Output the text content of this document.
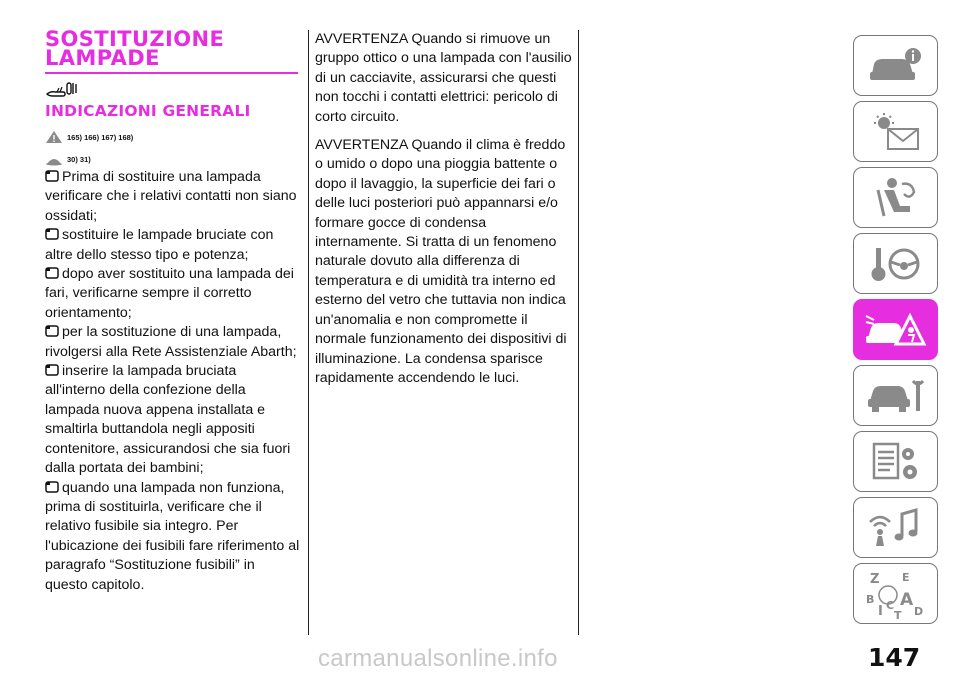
SOSTITUZIONE
LAMPADE
INDICAZIONI GENERALI
165) 166) 167) 168)
30) 31)

Prima di sostituire una lampada verificare che i relativi contatti non siano ossidati;

sostituire le lampade bruciate con altre dello stesso tipo e potenza;

dopo aver sostituito una lampada dei fari, verificarne sempre il corretto orientamento;

per la sostituzione di una lampada, rivolgersi alla Rete Assistenziale Abarth;

inserire la lampada bruciata all'interno della confezione della lampada nuova appena installata e smaltirla buttandola negli appositi contenitore, assicurandosi che sia fuori dalla portata dei bambini;

quando una lampada non funziona, prima di sostituirla, verificare che il relativo fusibile sia integro. Per l'ubicazione dei fusibili fare riferimento al paragrafo “Sostituzione fusibili” in questo capitolo.

AVVERTENZA Quando si rimuove un gruppo ottico o una lampada con l'ausilio di un cacciavite, assicurarsi che questi non tocchi i contatti elettrici: pericolo di corto circuito.

AVVERTENZA Quando il clima è freddo o umido o dopo una pioggia battente o dopo il lavaggio, la superficie dei fari o delle luci posteriori può appannarsi e/o formare gocce di condensa internamente. Si tratta di un fenomeno naturale dovuto alla differenza di temperatura e di umidità tra interno ed esterno del vetro che tuttavia non indica un'anomalia e non compromette il normale funzionamento dei dispositivi di illuminazione. La condensa sparisce rapidamente accendendo le luci.

Z E
B
I C A
D
T
147
carmanualsonline.info
